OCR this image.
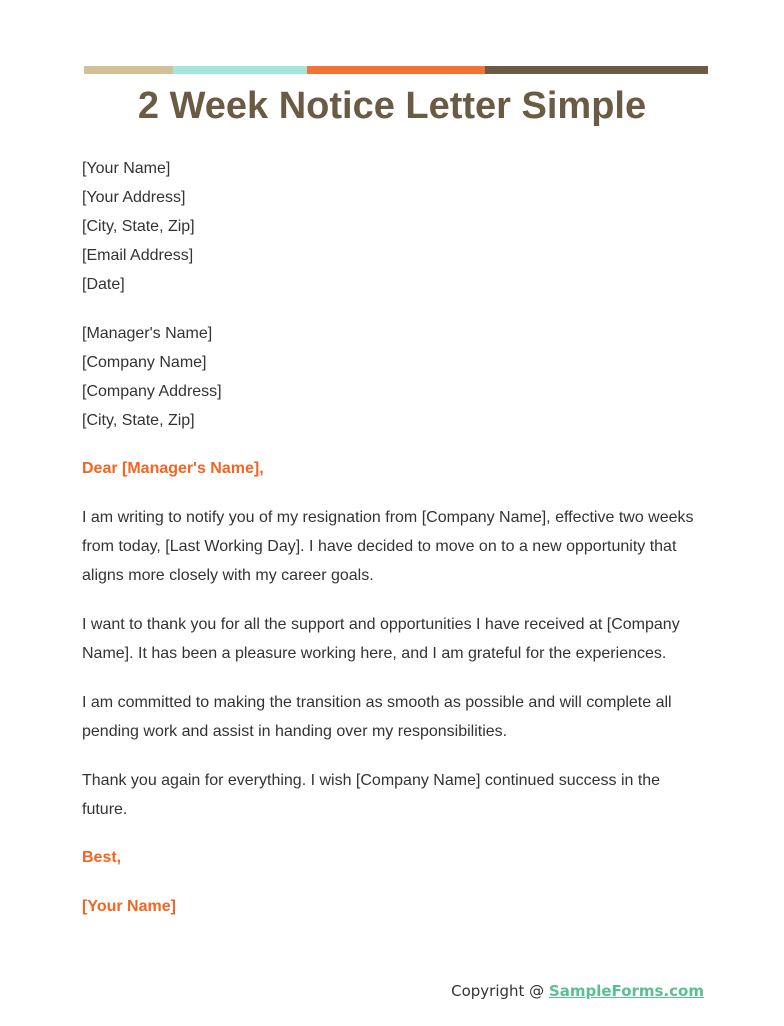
2 Week Notice Letter Simple
[Your Name]
[Your Address]
[City, State, Zip]
[Email Address]
[Date]
[Manager's Name]
[Company Name]
[Company Address]
[City, State, Zip]
Dear [Manager's Name],

I am writing to notify you of my resignation from [Company Name], effective two weeks from today, [Last Working Day]. I have decided to move on to a new opportunity that aligns more closely with my career goals.

I want to thank you for all the support and opportunities I have received at [Company Name]. It has been a pleasure working here, and I am grateful for the experiences.

I am committed to making the transition as smooth as possible and will complete all pending work and assist in handing over my responsibilities.

Thank you again for everything. I wish [Company Name] continued success in the future.

Best,
[Your Name]
Copyright @ SampleForms.com
